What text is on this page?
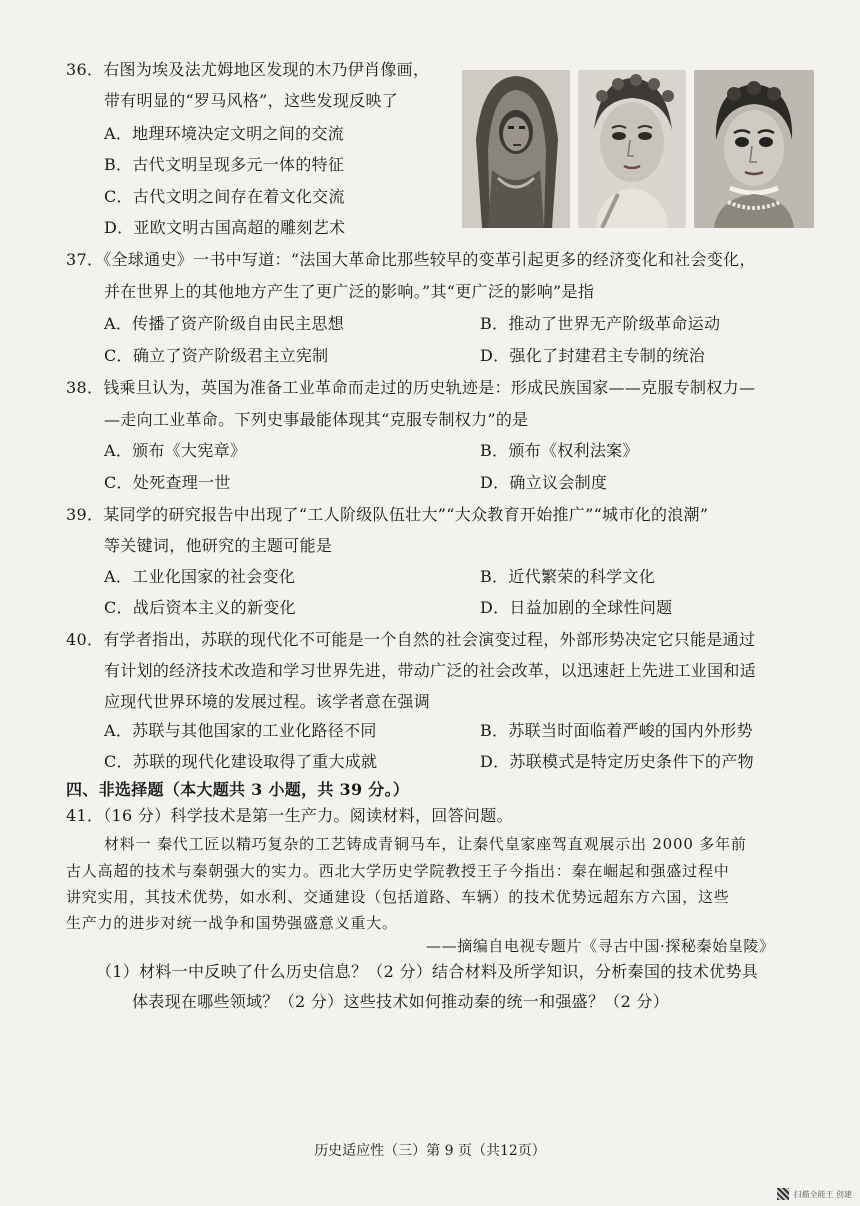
36．右图为埃及法尤姆地区发现的木乃伊肖像画，
带有明显的“罗马风格”，这些发现反映了
A．地理环境决定文明之间的交流
B．古代文明呈现多元一体的特征
C．古代文明之间存在着文化交流
D．亚欧文明古国高超的雕刻艺术
37．《全球通史》一书中写道：“法国大革命比那些较早的变革引起更多的经济变化和社会变化，
并在世界上的其他地方产生了更广泛的影响。”其“更广泛的影响”是指
A．传播了资产阶级自由民主思想	B．推动了世界无产阶级革命运动
C．确立了资产阶级君主立宪制	D．强化了封建君主专制的统治
38．钱乘旦认为，英国为准备工业革命而走过的历史轨迹是：形成民族国家——克服专制权力—
—走向工业革命。下列史事最能体现其“克服专制权力”的是
A．颁布《大宪章》	B．颁布《权利法案》
C．处死查理一世	D．确立议会制度
39．某同学的研究报告中出现了“工人阶级队伍壮大”“大众教育开始推广”“城市化的浪潮”
等关键词，他研究的主题可能是
A．工业化国家的社会变化	B．近代繁荣的科学文化
C．战后资本主义的新变化	D．日益加剧的全球性问题
40．有学者指出，苏联的现代化不可能是一个自然的社会演变过程，外部形势决定它只能是通过
有计划的经济技术改造和学习世界先进，带动广泛的社会改革，以迅速赶上先进工业国和适
应现代世界环境的发展过程。该学者意在强调
A．苏联与其他国家的工业化路径不同	B．苏联当时面临着严峻的国内外形势
C．苏联的现代化建设取得了重大成就	D．苏联模式是特定历史条件下的产物
四、非选择题（本大题共 3 小题，共 39 分。）
41．（16 分）科学技术是第一生产力。阅读材料，回答问题。
材料一 秦代工匠以精巧复杂的工艺铸成青铜马车，让秦代皇家座驾直观展示出 2000 多年前
古人高超的技术与秦朝强大的实力。西北大学历史学院教授王子今指出：秦在崛起和强盛过程中
讲究实用，其技术优势，如水利、交通建设（包括道路、车辆）的技术优势远超东方六国，这些
生产力的进步对统一战争和国势强盛意义重大。
——摘编自电视专题片《寻古中国·探秘秦始皇陵》
（1）材料一中反映了什么历史信息？（2 分）结合材料及所学知识，分析秦国的技术优势具
体表现在哪些领域？（2 分）这些技术如何推动秦的统一和强盛？（2 分）
历史适应性（三）第 9 页（共12页）
扫描全能王 创建
